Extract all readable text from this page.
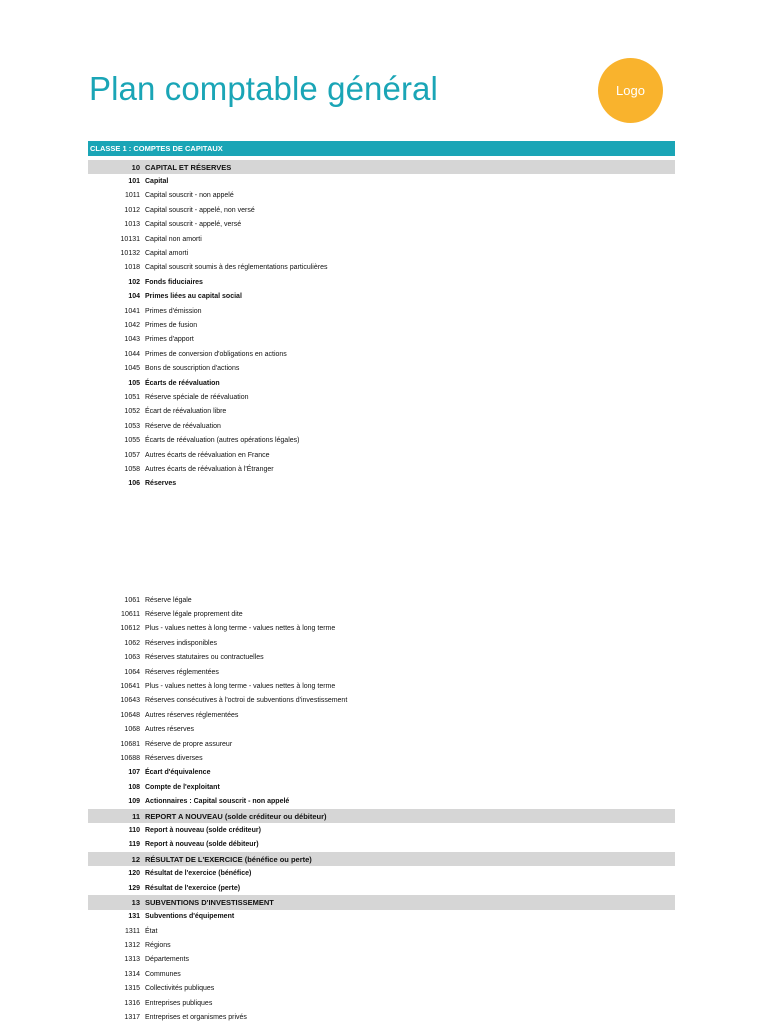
Plan comptable général	Logo
CLASSE 1 : COMPTES DE CAPITAUX
10 CAPITAL ET RÉSERVES
101 Capital
1011 Capital souscrit - non appelé
1012 Capital souscrit - appelé, non versé
1013 Capital souscrit - appelé, versé
10131 Capital non amorti
10132 Capital amorti
1018 Capital souscrit soumis à des réglementations particulières
102 Fonds fiduciaires
104 Primes liées au capital social
1041 Primes d'émission
1042 Primes de fusion
1043 Primes d'apport
1044 Primes de conversion d'obligations en actions
1045 Bons de souscription d'actions
105 Écarts de réévaluation
1051 Réserve spéciale de réévaluation
1052 Écart de réévaluation libre
1053 Réserve de réévaluation
1055 Écarts de réévaluation (autres opérations légales)
1057 Autres écarts de réévaluation en France
1058 Autres écarts de réévaluation à l'Étranger
106 Réserves
1061 Réserve légale
10611 Réserve légale proprement dite
10612 Plus - values nettes à long terme - values nettes à long terme
1062 Réserves indisponibles
1063 Réserves statutaires ou contractuelles
1064 Réserves réglementées
10641 Plus - values nettes à long terme - values nettes à long terme
10643 Réserves consécutives à l'octroi de subventions d'investissement
10648 Autres réserves réglementées
1068 Autres réserves
10681 Réserve de propre assureur
10688 Réserves diverses
107 Écart d'équivalence
108 Compte de l'exploitant
109 Actionnaires : Capital souscrit - non appelé
11 REPORT A NOUVEAU (solde créditeur ou débiteur)
110 Report à nouveau (solde créditeur)
119 Report à nouveau (solde débiteur)
12 RÉSULTAT DE L'EXERCICE (bénéfice ou perte)
120 Résultat de l'exercice (bénéfice)
129 Résultat de l'exercice (perte)
13 SUBVENTIONS D'INVESTISSEMENT
131 Subventions d'équipement
1311 État
1312 Régions
1313 Départements
1314 Communes
1315 Collectivités publiques
1316 Entreprises publiques
1317 Entreprises et organismes privés
